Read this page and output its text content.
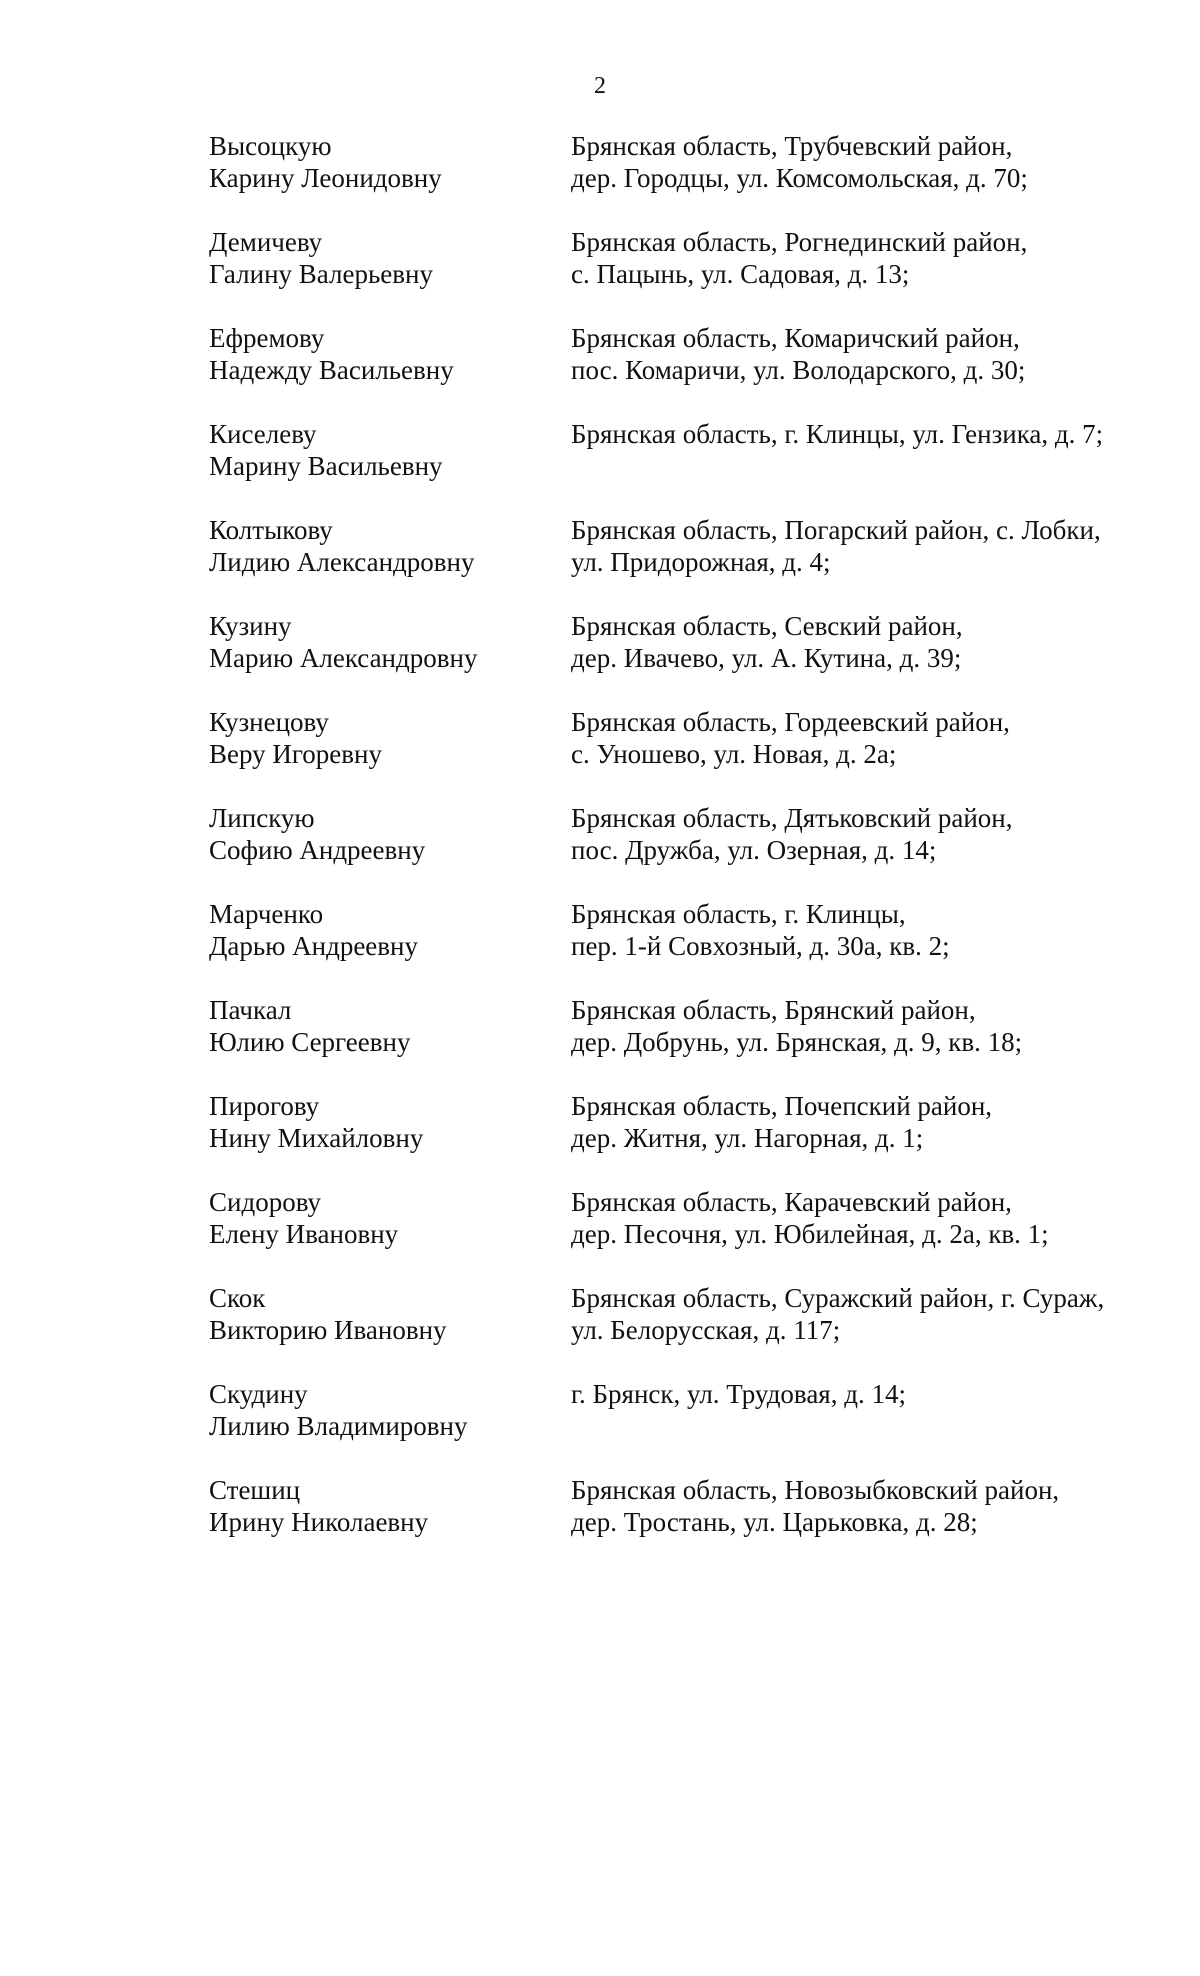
2
Высоцкую
Карину Леонидовну
Брянская область, Трубчевский район,
дер. Городцы, ул. Комсомольская, д. 70;
Демичеву
Галину Валерьевну
Брянская область, Рогнединский район,
с. Пацынь, ул. Садовая, д. 13;
Ефремову
Надежду Васильевну
Брянская область, Комаричский район,
пос. Комаричи, ул. Володарского, д. 30;
Киселеву
Марину Васильевну
Брянская область, г. Клинцы, ул. Гензика, д. 7;
Колтыкову
Лидию Александровну
Брянская область, Погарский район, с. Лобки,
ул. Придорожная, д. 4;
Кузину
Марию Александровну
Брянская область, Севский район,
дер. Ивачево, ул. А. Кутина, д. 39;
Кузнецову
Веру Игоревну
Брянская область, Гордеевский район,
с. Уношево, ул. Новая, д. 2а;
Липскую
Софию Андреевну
Брянская область, Дятьковский район,
пос. Дружба, ул. Озерная, д. 14;
Марченко
Дарью Андреевну
Брянская область, г. Клинцы,
пер. 1-й Совхозный, д. 30а, кв. 2;
Пачкал
Юлию Сергеевну
Брянская область, Брянский район,
дер. Добрунь, ул. Брянская, д. 9, кв. 18;
Пирогову
Нину Михайловну
Брянская область, Почепский район,
дер. Житня, ул. Нагорная, д. 1;
Сидорову
Елену Ивановну
Брянская область, Карачевский район,
дер. Песочня, ул. Юбилейная, д. 2а, кв. 1;
Скок
Викторию Ивановну
Брянская область, Суражский район, г. Сураж,
ул. Белорусская, д. 117;
Скудину
Лилию Владимировну
г. Брянск, ул. Трудовая, д. 14;
Стешиц
Ирину Николаевну
Брянская область, Новозыбковский район,
дер. Тростань, ул. Царьковка, д. 28;
